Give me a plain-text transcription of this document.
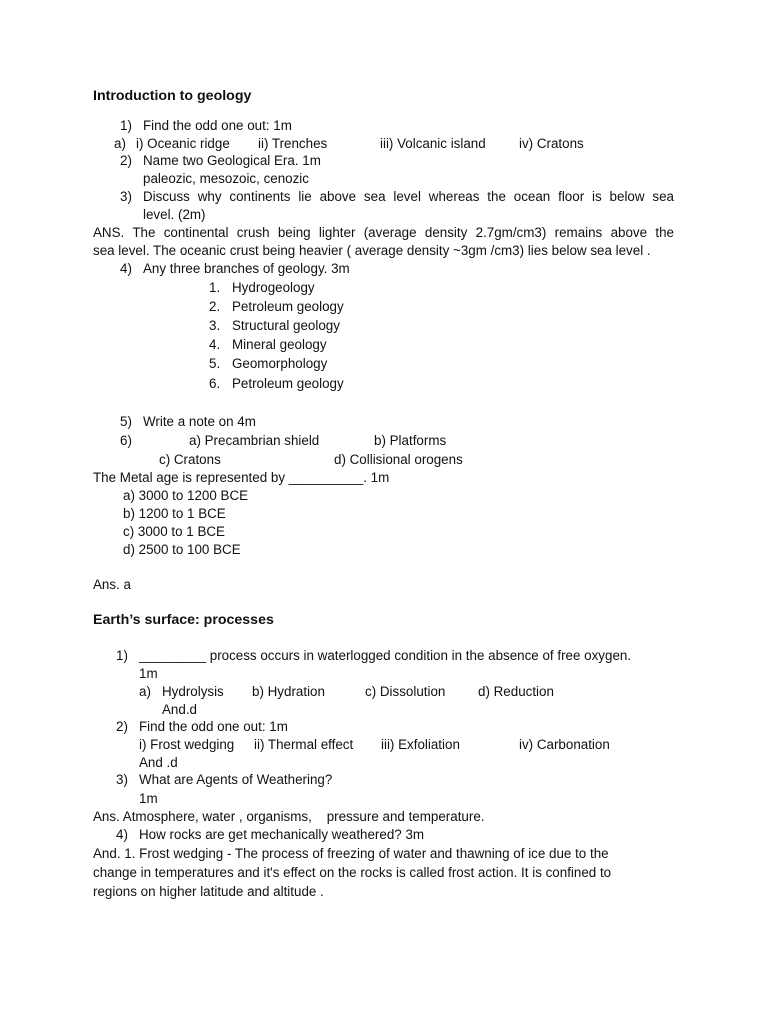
Introduction to geology
1) Find the odd one out: 1m
a) i) Oceanic ridge ii) Trenches	iii) Volcanic island iv) Cratons
2) Name two Geological Era. 1m
paleozic, mesozoic, cenozic
3) Discuss why continents lie above sea level whereas the ocean floor is below sea
level. (2m)
ANS. The continental crush being lighter (average density 2.7gm/cm3) remains above the
sea level. The oceanic crust being heavier ( average density ~3gm /cm3) lies below sea level .
4) Any three branches of geology. 3m
1. Hydrogeology
2. Petroleum geology
3. Structural geology
4. Mineral geology
5. Geomorphology
6. Petroleum geology
5) Write a note on 4m
6)	a) Precambrian shield	b) Platforms
c) Cratons	d) Collisional orogens
The Metal age is represented by __________. 1m
a) 3000 to 1200 BCE
b) 1200 to 1 BCE
c) 3000 to 1 BCE
d) 2500 to 100 BCE
Ans. a
Earth’s surface: processes
1) _________ process occurs in waterlogged condition in the absence of free oxygen.
1m
a) Hydrolysis b) Hydration	c) Dissolution d) Reduction
And.d
2) Find the odd one out: 1m
i) Frost wedging ii) Thermal effect iii) Exfoliation	iv) Carbonation
And .d
3) What are Agents of Weathering?
1m
Ans. Atmosphere, water , organisms,    pressure and temperature.
4) How rocks are get mechanically weathered? 3m
And. 1. Frost wedging - The process of freezing of water and thawning of ice due to the
change in temperatures and it's effect on the rocks is called frost action. It is confined to
regions on higher latitude and altitude .
